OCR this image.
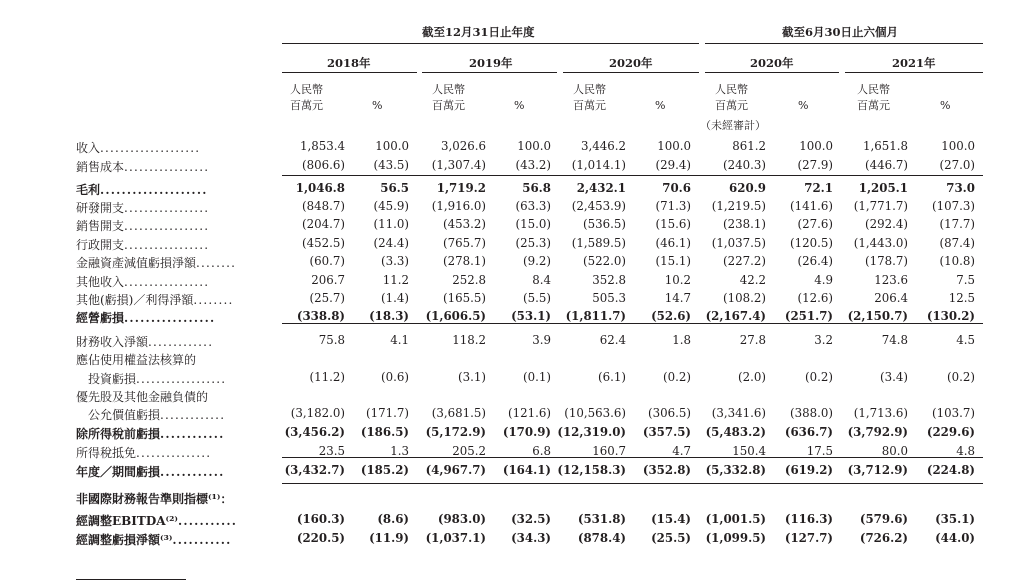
截至12月31日止年度	截至6月30日止六個月
2018年	2019年	2020年	2020年	2021年
人民幣
百萬元	%
人民幣
百萬元	%
人民幣
百萬元	%
人民幣
百萬元	%
人民幣
百萬元	%
（未經審計）
收入....................	1,853.4	100.0	3,026.6	100.0	3,446.2	100.0	861.2	100.0	1,651.8	100.0
銷售成本.................	(806.6) (43.5) (1,307.4)	(43.2) (1,014.1)	(29.4)	(240.3)	(27.9)	(446.7)	(27.0)
毛利....................	1,046.8	56.5 1,719.2	56.8 2,432.1	70.6	620.9	72.1 1,205.1	73.0
研發開支.................	(848.7) (45.9) (1,916.0)	(63.3) (2,453.9)	(71.3) (1,219.5) (141.6) (1,771.7) (107.3)
銷售開支.................	(204.7) (11.0)	(453.2)	(15.0)	(536.5)	(15.6)	(238.1)	(27.6)	(292.4)	(17.7)
行政開支.................	(452.5) (24.4)	(765.7)	(25.3) (1,589.5)	(46.1) (1,037.5) (120.5) (1,443.0)	(87.4)
金融資產減值虧損淨額........	(60.7)	(3.3)	(278.1)	(9.2)	(522.0)	(15.1)	(227.2)	(26.4)	(178.7)	(10.8)
其他收入.................	206.7	11.2	252.8	8.4	352.8	10.2	42.2	4.9	123.6	7.5
其他(虧損)／利得淨額........	(25.7)	(1.4)	(165.5)	(5.5)	505.3	14.7	(108.2)	(12.6)	206.4	12.5
經營虧損.................	(338.8) (18.3) (1,606.5) (53.1) (1,811.7) (52.6) (2,167.4) (251.7) (2,150.7) (130.2)
財務收入淨額.............	75.8	4.1	118.2	3.9	62.4	1.8	27.8	3.2	74.8	4.5
應佔使用權益法核算的
　投資虧損..................	(11.2)	(0.6)	(3.1)	(0.1)	(6.1)	(0.2)	(2.0)	(0.2)	(3.4)	(0.2)
優先股及其他金融負債的
　公允價值虧損.............	(3,182.0) (171.7) (3,681.5) (121.6) (10,563.6) (306.5) (3,341.6) (388.0) (1,713.6) (103.7)
除所得稅前虧損............	(3,456.2) (186.5) (5,172.9) (170.9) (12,319.0) (357.5) (5,483.2) (636.7) (3,792.9) (229.6)
所得稅抵免...............	23.5	1.3	205.2	6.8	160.7	4.7	150.4	17.5	80.0	4.8
年度／期間虧損............	(3,432.7) (185.2) (4,967.7) (164.1) (12,158.3) (352.8) (5,332.8) (619.2) (3,712.9) (224.8)
非國際財務報告準則指標⁽¹⁾：
經調整EBITDA⁽²⁾...........	(160.3)	(8.6) (983.0) (32.5) (531.8) (15.4) (1,001.5) (116.3) (579.6) (35.1)
經調整虧損淨額⁽³⁾...........	(220.5) (11.9) (1,037.1) (34.3) (878.4) (25.5) (1,099.5) (127.7) (726.2) (44.0)
